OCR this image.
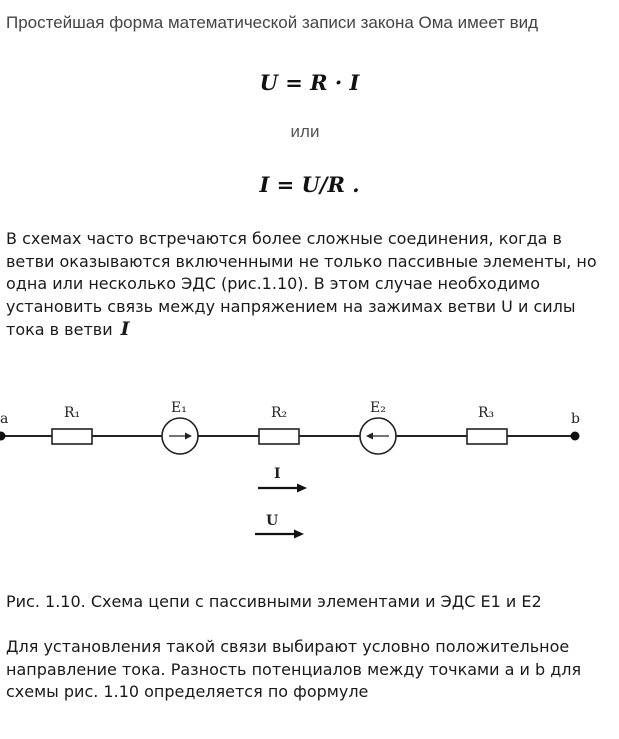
Простейшая форма математической записи закона Ома имеет вид

U = R · I
или
I = U/R .

В схемах часто встречаются более сложные соединения, когда в ветви оказываются включенными не только пассивные элементы, но одна или несколько ЭДС (рис.1.10). В этом случае необходимо установить связь между напряжением на зажимах ветви U и силы тока в ветви I

a	R₁	E₁	R₂	E₂	R₃	b
I
U

Рис. 1.10. Схема цепи с пассивными элементами и ЭДС E1 и E2

Для установления такой связи выбирают условно положительное направление тока. Разность потенциалов между точками a и b для схемы рис. 1.10 определяется по формуле
